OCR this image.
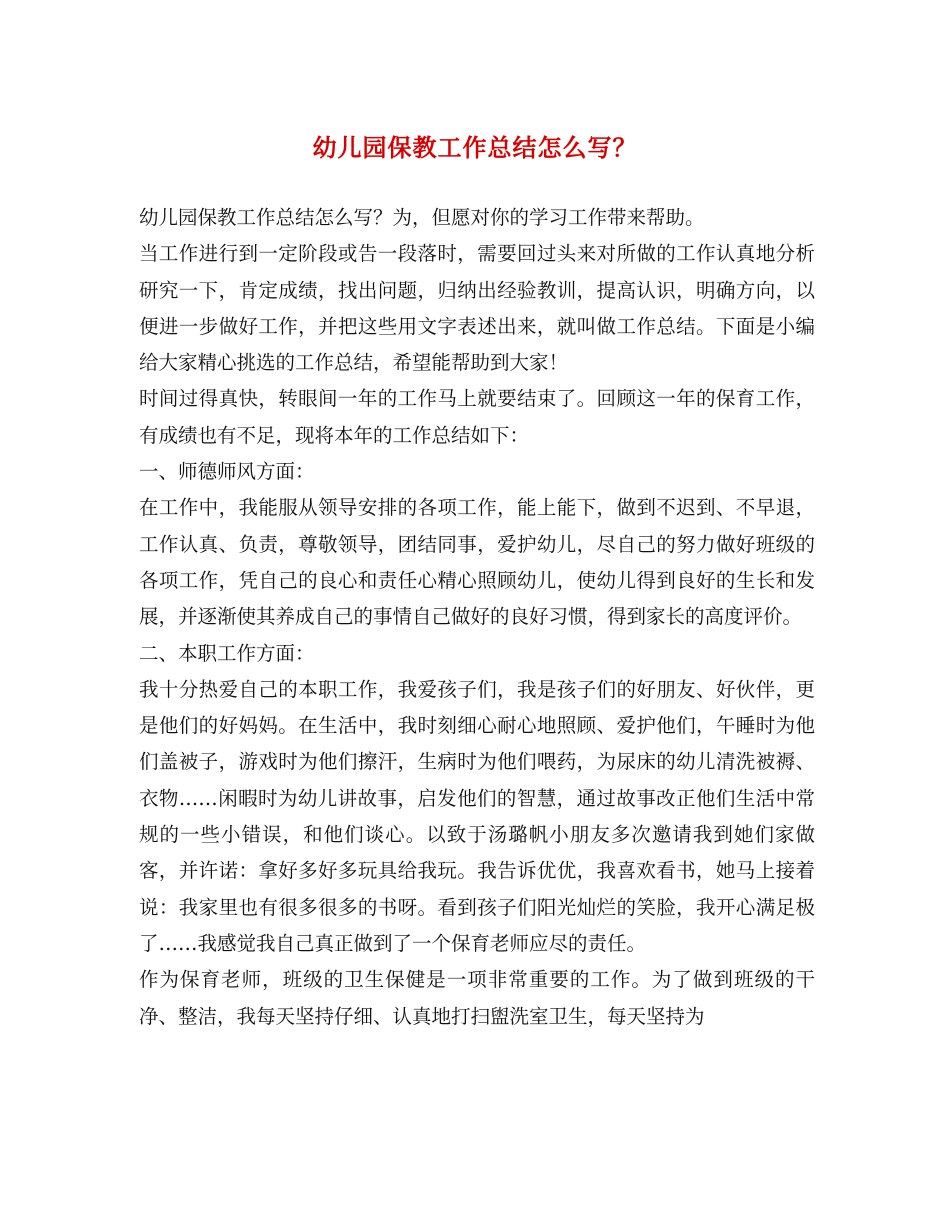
幼儿园保教工作总结怎么写？

幼儿园保教工作总结怎么写？为，但愿对你的学习工作带来帮助。

当工作进行到一定阶段或告一段落时，需要回过头来对所做的工作认真地分析研究一下，肯定成绩，找出问题，归纳出经验教训，提高认识，明确方向，以便进一步做好工作，并把这些用文字表述出来，就叫做工作总结。下面是小编给大家精心挑选的工作总结，希望能帮助到大家！

时间过得真快，转眼间一年的工作马上就要结束了。回顾这一年的保育工作，有成绩也有不足，现将本年的工作总结如下：

一、师德师风方面：

在工作中，我能服从领导安排的各项工作，能上能下，做到不迟到、不早退，工作认真、负责，尊敬领导，团结同事，爱护幼儿，尽自己的努力做好班级的各项工作，凭自己的良心和责任心精心照顾幼儿，使幼儿得到良好的生长和发展，并逐渐使其养成自己的事情自己做好的良好习惯，得到家长的高度评价。

二、本职工作方面：

我十分热爱自己的本职工作，我爱孩子们，我是孩子们的好朋友、好伙伴，更是他们的好妈妈。在生活中，我时刻细心耐心地照顾、爱护他们，午睡时为他们盖被子，游戏时为他们擦汗，生病时为他们喂药，为尿床的幼儿清洗被褥、衣物……闲暇时为幼儿讲故事，启发他们的智慧，通过故事改正他们生活中常规的一些小错误，和他们谈心。以致于汤璐帆小朋友多次邀请我到她们家做客，并许诺：拿好多好多玩具给我玩。我告诉优优，我喜欢看书，她马上接着说：我家里也有很多很多的书呀。看到孩子们阳光灿烂的笑脸，我开心满足极了……我感觉我自己真正做到了一个保育老师应尽的责任。

作为保育老师，班级的卫生保健是一项非常重要的工作。为了做到班级的干净、整洁，我每天坚持仔细、认真地打扫盥洗室卫生，每天坚持为
